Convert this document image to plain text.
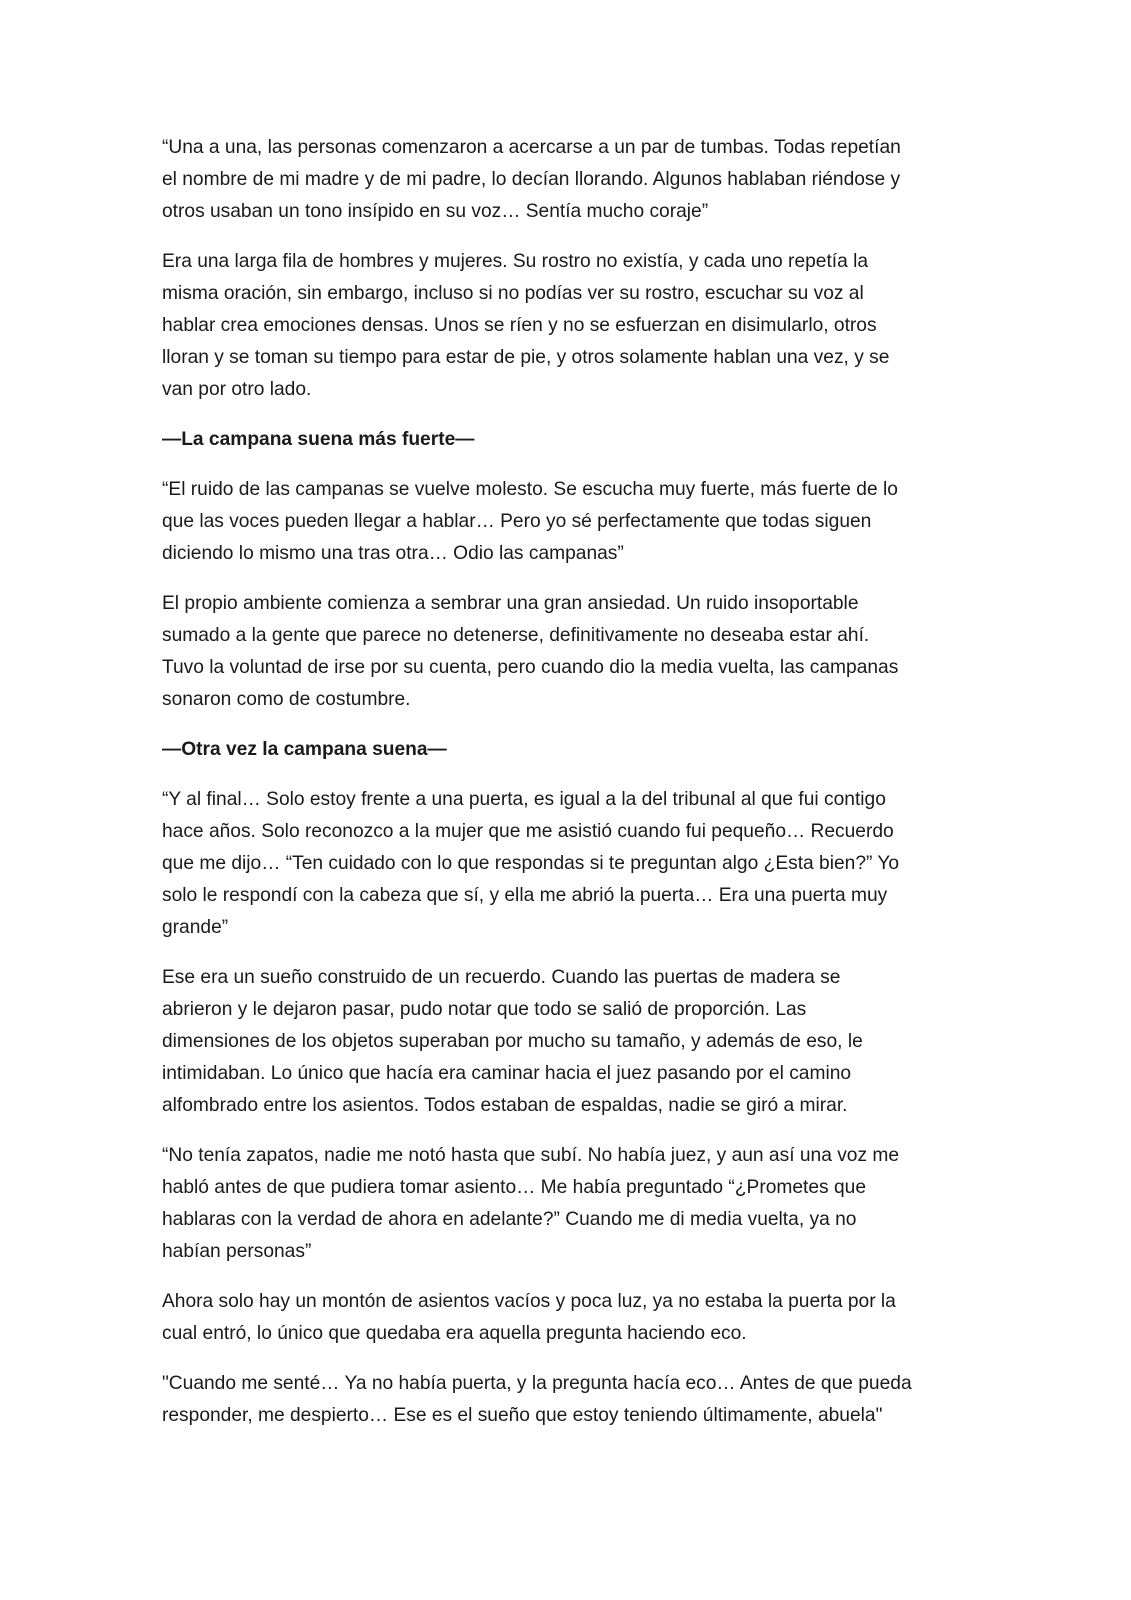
“Una a una, las personas comenzaron a acercarse a un par de tumbas. Todas repetían
el nombre de mi madre y de mi padre, lo decían llorando. Algunos hablaban riéndose y
otros usaban un tono insípido en su voz… Sentía mucho coraje”

Era una larga fila de hombres y mujeres. Su rostro no existía, y cada uno repetía la
misma oración, sin embargo, incluso si no podías ver su rostro, escuchar su voz al
hablar crea emociones densas. Unos se ríen y no se esfuerzan en disimularlo, otros
lloran y se toman su tiempo para estar de pie, y otros solamente hablan una vez, y se
van por otro lado.

—La campana suena más fuerte—

“El ruido de las campanas se vuelve molesto. Se escucha muy fuerte, más fuerte de lo
que las voces pueden llegar a hablar… Pero yo sé perfectamente que todas siguen
diciendo lo mismo una tras otra… Odio las campanas”

El propio ambiente comienza a sembrar una gran ansiedad. Un ruido insoportable
sumado a la gente que parece no detenerse, definitivamente no deseaba estar ahí.
Tuvo la voluntad de irse por su cuenta, pero cuando dio la media vuelta, las campanas
sonaron como de costumbre.

—Otra vez la campana suena—

“Y al final… Solo estoy frente a una puerta, es igual a la del tribunal al que fui contigo
hace años. Solo reconozco a la mujer que me asistió cuando fui pequeño… Recuerdo
que me dijo… “Ten cuidado con lo que respondas si te preguntan algo ¿Esta bien?” Yo
solo le respondí con la cabeza que sí, y ella me abrió la puerta… Era una puerta muy
grande”

Ese era un sueño construido de un recuerdo. Cuando las puertas de madera se
abrieron y le dejaron pasar, pudo notar que todo se salió de proporción. Las
dimensiones de los objetos superaban por mucho su tamaño, y además de eso, le
intimidaban. Lo único que hacía era caminar hacia el juez pasando por el camino
alfombrado entre los asientos. Todos estaban de espaldas, nadie se giró a mirar.

“No tenía zapatos, nadie me notó hasta que subí. No había juez, y aun así una voz me
habló antes de que pudiera tomar asiento… Me había preguntado “¿Prometes que
hablaras con la verdad de ahora en adelante?” Cuando me di media vuelta, ya no
habían personas”

Ahora solo hay un montón de asientos vacíos y poca luz, ya no estaba la puerta por la
cual entró, lo único que quedaba era aquella pregunta haciendo eco.

"Cuando me senté… Ya no había puerta, y la pregunta hacía eco… Antes de que pueda
responder, me despierto… Ese es el sueño que estoy teniendo últimamente, abuela"
